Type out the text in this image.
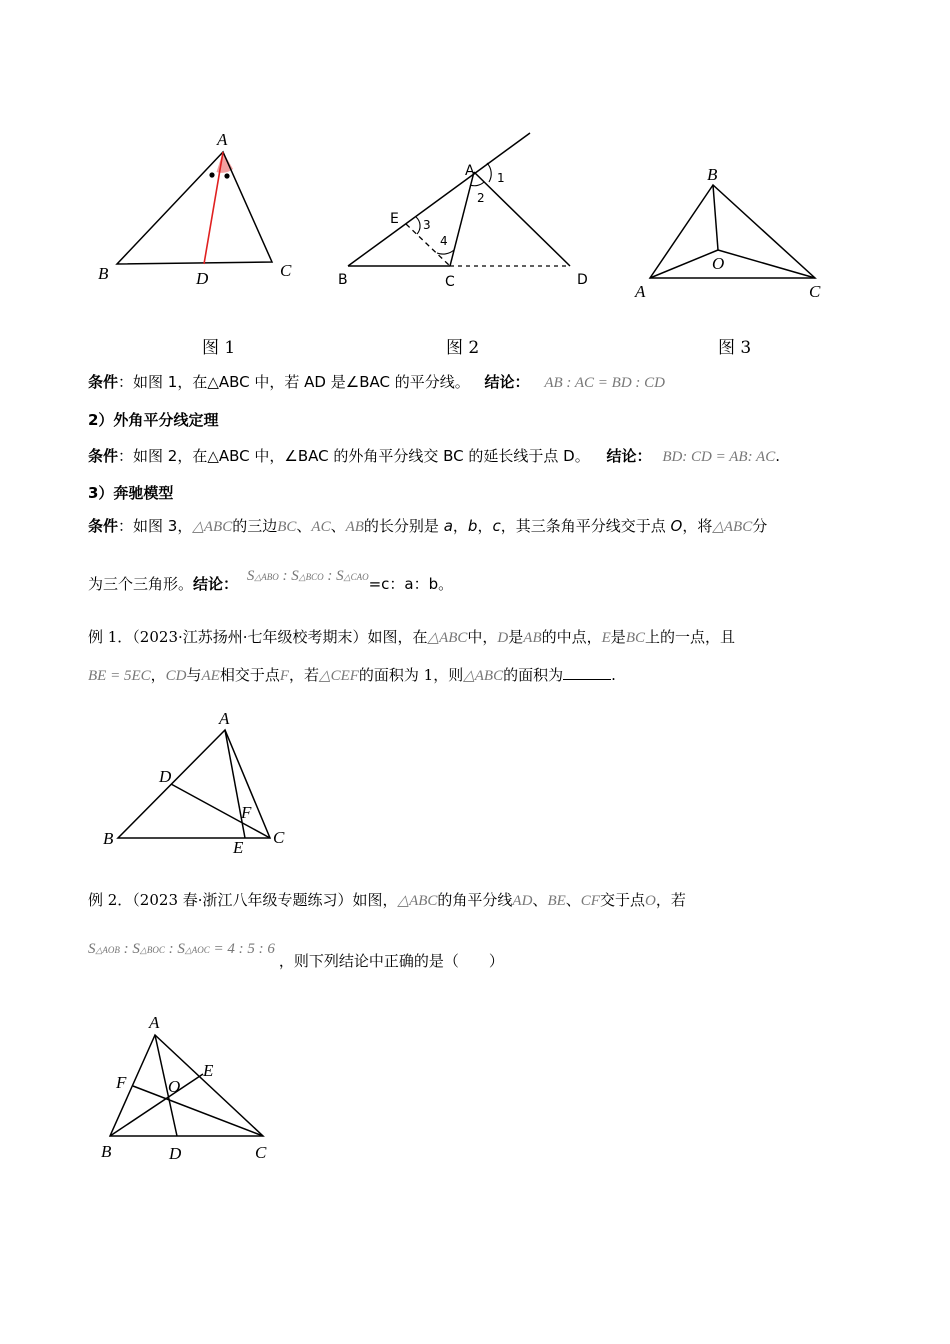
A
B	D	C
图 1
A 1
2
E 3
4
B	C	D
图 2
B
O
A	C
图 3
条件：如图 1，在△ABC 中，若 AD 是∠BAC 的平分线。 结论： AB : AC = BD : CD
2）外角平分线定理
条件：如图 2，在△ABC 中，∠BAC 的外角平分线交 BC 的延长线于点 D。 结论： BD: CD = AB: AC.
3）奔驰模型
条件：如图 3，△ABC的三边BC、AC、AB的长分别是 a，b，c，其三条角平分线交于点 O，将△ABC分
为三个三角形。结论： S△ABO : S△BCO : S△CAO=c：a：b。
例 1．（2023·江苏扬州·七年级校考期末）如图，在△ABC中，D是AB的中点，E是BC上的一点，且
BE = 5EC，CD与AE相交于点F，若△CEF的面积为 1，则△ABC的面积为	.
A
D
F
B	E
C
例 2．（2023 春·浙江八年级专题练习）如图，△ABC的角平分线AD、BE、CF交于点O，若
S△AOB : S△BOC : S△AOC = 4 : 5 : 6，则下列结论中正确的是（　　）
A
F
E
O
B	D	C
